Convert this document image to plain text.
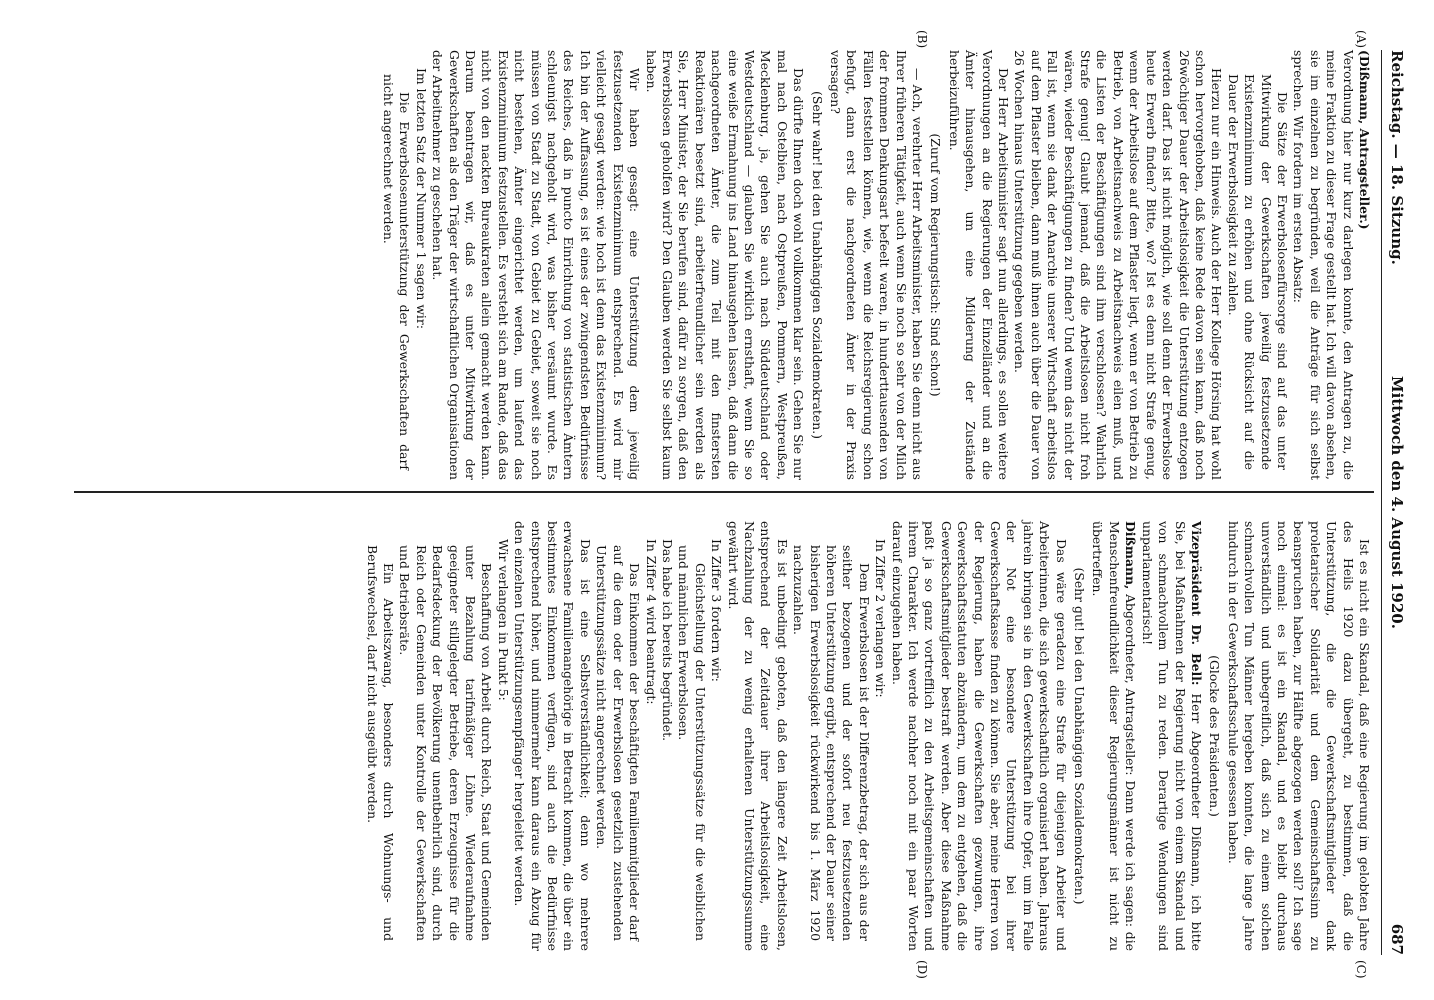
Reichstag. — 18. Sitzung.
Mittwoch den 4. August 1920.
687
(A)
(B)
(C)
(D)

(Dißmann, Antragsteller.)

Verordnung hier nur kurz darlegen konnte, den Antragen zu, die meine Fraktion zu dieser Frage gestellt hat. Ich will davon absehen, sie im einzelnen zu begründen, weil die Anträge für sich selbst sprechen. Wir fordern im ersten Absatz:

Die Sätze der Erwerbslosenfürsorge sind auf das unter Mitwirkung der Gewerkschaften jeweilig festzusetzende Existenzminimum zu erhöhen und ohne Rücksicht auf die Dauer der Erwerbslosigkeit zu zahlen.

Hierzu nur ein Hinweis. Auch der Herr Kollege Hörsing hat wohl schon hervorgehoben, daß keine Rede davon sein kann, daß noch 26wöchiger Dauer der Arbeitslosigkeit die Unterstützung entzogen werden darf. Das ist nicht möglich, wie soll denn der Erwerbslose heute Erwerb finden? Bitte, wo? Ist es denn nicht Strafe genug, wenn der Arbeitslose auf dem Pflaster liegt, wenn er von Betrieb zu Betrieb, von Arbeitsnachweis zu Arbeitsnachweis eilen muß, und die Listen der Beschäftigungen sind ihm verschlossen? Wahrlich Strafe genug! Glaubt jemand, daß die Arbeitslosen nicht froh wären, wieder Beschäftigungen zu finden? Und wenn das nicht der Fall ist, wenn sie dank der Anarchie unserer Wirtschaft arbeitslos auf dem Pflaster bleiben, dann muß ihnen auch über die Dauer von 26 Wochen hinaus Unterstützung gegeben werden.

Der Herr Arbeitsminister sagt nun allerdings, es sollen weitere Verordnungen an die Regierungen der Einzelländer und an die Ämter hinausgehen, um eine Milderung der Zustände herbeizuführen.

(Zuruf vom Regierungstisch: Sind schon!)

— Ach, verehrter Herr Arbeitsminister, haben Sie denn nicht aus Ihrer früheren Tätigkeit, auch wenn Sie noch so sehr von der Milch der frommen Denkungsart befeelt waren, in hunderttausenden von Fällen feststellen können, wie, wenn die Reichsregierung schon befugt, dann erst die nachgeordneten Ämter in der Praxis versagen?

(Sehr wahr! bei den Unabhängigen Sozialdemokraten.)

Das dürfte Ihnen doch wohl vollkommen klar sein. Gehen Sie nur mal nach Ostelbien, nach Ostpreußen, Pommern, Westpreußen, Mecklenburg, ja, gehen Sie auch nach Süddeutschland oder Westdeutschland — glauben Sie wirklich ernsthaft, wenn Sie so eine weiße Ermahnung ins Land hinausgehen lassen, daß dann die nachgeordneten Ämter, die zum Teil mit den finstersten Reaktionären besetzt sind, arbeiterfreundlicher sein werden als Sie, Herr Minister, der Sie berufen sind, dafür zu sorgen, daß den Erwerbslosen geholfen wird? Den Glauben werden Sie selbst kaum haben.

Wir haben gesagt: eine Unterstützung dem jeweilig festzusetzenden Existenzminimum entsprechend. Es wird mir vielleicht gesagt werden: wie hoch ist denn das Existenzminimum? Ich bin der Auffassung, es ist eines der zwingendsten Bedürfnisse des Reiches, daß in puncto Einrichtung von statistischen Ämtern schleunigst nachgeholt wird, was bisher versäumt wurde. Es müssen von Stadt zu Stadt, von Gebiet zu Gebiet, soweit sie noch nicht bestehen, Ämter eingerichtet werden, um laufend das Existenzminimum festzustellen. Es versteht sich am Rande, daß das nicht von den nackten Bureaukraten allein gemacht werden kann. Darum beantragen wir, daß es unter Mitwirkung der Gewerkschaften als den Träger der wirtschaftlichen Organisationen der Arbeitnehmer zu geschehen hat.

Im letzten Satz der Nummer 1 sagen wir:

Die Erwerbslosenunterstützung der Gewerkschaften darf nicht angerechnet werden.

Ist es nicht ein Skandal, daß eine Regierung im gelobten Jahre des Heils 1920 dazu übergeht, zu bestimmen, daß die Unterstützung, die die Gewerkschaftsmitglieder dank proletarischer Solidarität und dem Gemeinschaftssinn zu beanspruchen haben, zur Hälfte abgezogen werden soll? Ich sage noch einmal: es ist ein Skandal, und es bleibt durchaus unverständlich und unbegreiflich, daß sich zu einem solchen schmachvollen Tun Männer hergeben konnten, die lange Jahre hindurch in der Gewerkschaftsschule gesessen haben.

(Glocke des Präsidenten.)

Vizepräsident Dr. Bell: Herr Abgeordneter Dißmann, ich bitte Sie, bei Maßnahmen der Regierung nicht von einem Skandal und von schmachvollem Tun zu reden. Derartige Wendungen sind unparlamentarisch!

Dißmann, Abgeordneter, Antragsteller: Dann werde ich sagen: die Menschenfreundlichkeit dieser Regierungsmänner ist nicht zu übertreffen.

(Sehr gut! bei den Unabhängigen Sozialdemokraten.)

Das wäre geradezu eine Strafe für diejenigen Arbeiter und Arbeiterinnen, die sich gewerkschaftlich organisiert haben. Jahraus jahrein bringen sie in den Gewerkschaften ihre Opfer, um im Falle der Not eine besondere Unterstützung bei ihrer Gewerkschaftskasse finden zu können. Sie aber, meine Herren von der Regierung, haben die Gewerkschaften gezwungen, ihre Gewerkschaftsstatuten abzuändern, um dem zu entgehen, daß die Gewerkschaftsmitglieder bestraft werden. Aber diese Maßnahme paßt ja so ganz vortrefflich zu den Arbeitsgemeinschaften und ihrem Charakter. Ich werde nachher noch mit ein paar Worten darauf einzugehen haben.

In Ziffer 2 verlangen wir:

Dem Erwerbslosen ist der Differenzbetrag, der sich aus der seither bezogenen und der sofort neu festzusetzenden höheren Unterstützung ergibt, entsprechend der Dauer seiner bisherigen Erwerbslosigkeit rückwirkend bis 1. März 1920 nachzuzahlen.

Es ist unbedingt geboten, daß den längere Zeit Arbeitslosen, entsprechend der Zeitdauer ihrer Arbeitslosigkeit, eine Nachzahlung der zu wenig erhaltenen Unterstützungssumme gewährt wird.

In Ziffer 3 fordern wir:

Gleichstellung der Unterstützungssätze für die weiblichen und männlichen Erwerbslosen.

Das habe ich bereits begründet.

In Ziffer 4 wird beantragt:

Das Einkommen der beschäftigten Familienmitglieder darf auf die dem oder der Erwerbslosen gesetzlich zustehenden Unterstützungssätze nicht angerechnet werden.

Das ist eine Selbstverständlichkeit; denn wo mehrere erwachsene Familienangehörige in Betracht kommen, die über ein bestimmtes Einkommen verfügen, sind auch die Bedürfnisse entsprechend höher, und nimmermehr kann daraus ein Abzug für den einzelnen Unterstützungsempfänger hergeleitet werden.

Wir verlangen in Punkt 5:

Beschaffung von Arbeit durch Reich, Staat und Gemeinden unter Bezahlung tarifmäßiger Löhne. Wiederaufnahme geeigneter stillgelegter Betriebe, deren Erzeugnisse für die Bedarfsdeckung der Bevölkerung unentbehrlich sind, durch Reich oder Gemeinden unter Kontrolle der Gewerkschaften und Betriebsräte.

Ein Arbeitszwang, besonders durch Wohnungs- und Berufswechsel, darf nicht ausgeübt werden.
